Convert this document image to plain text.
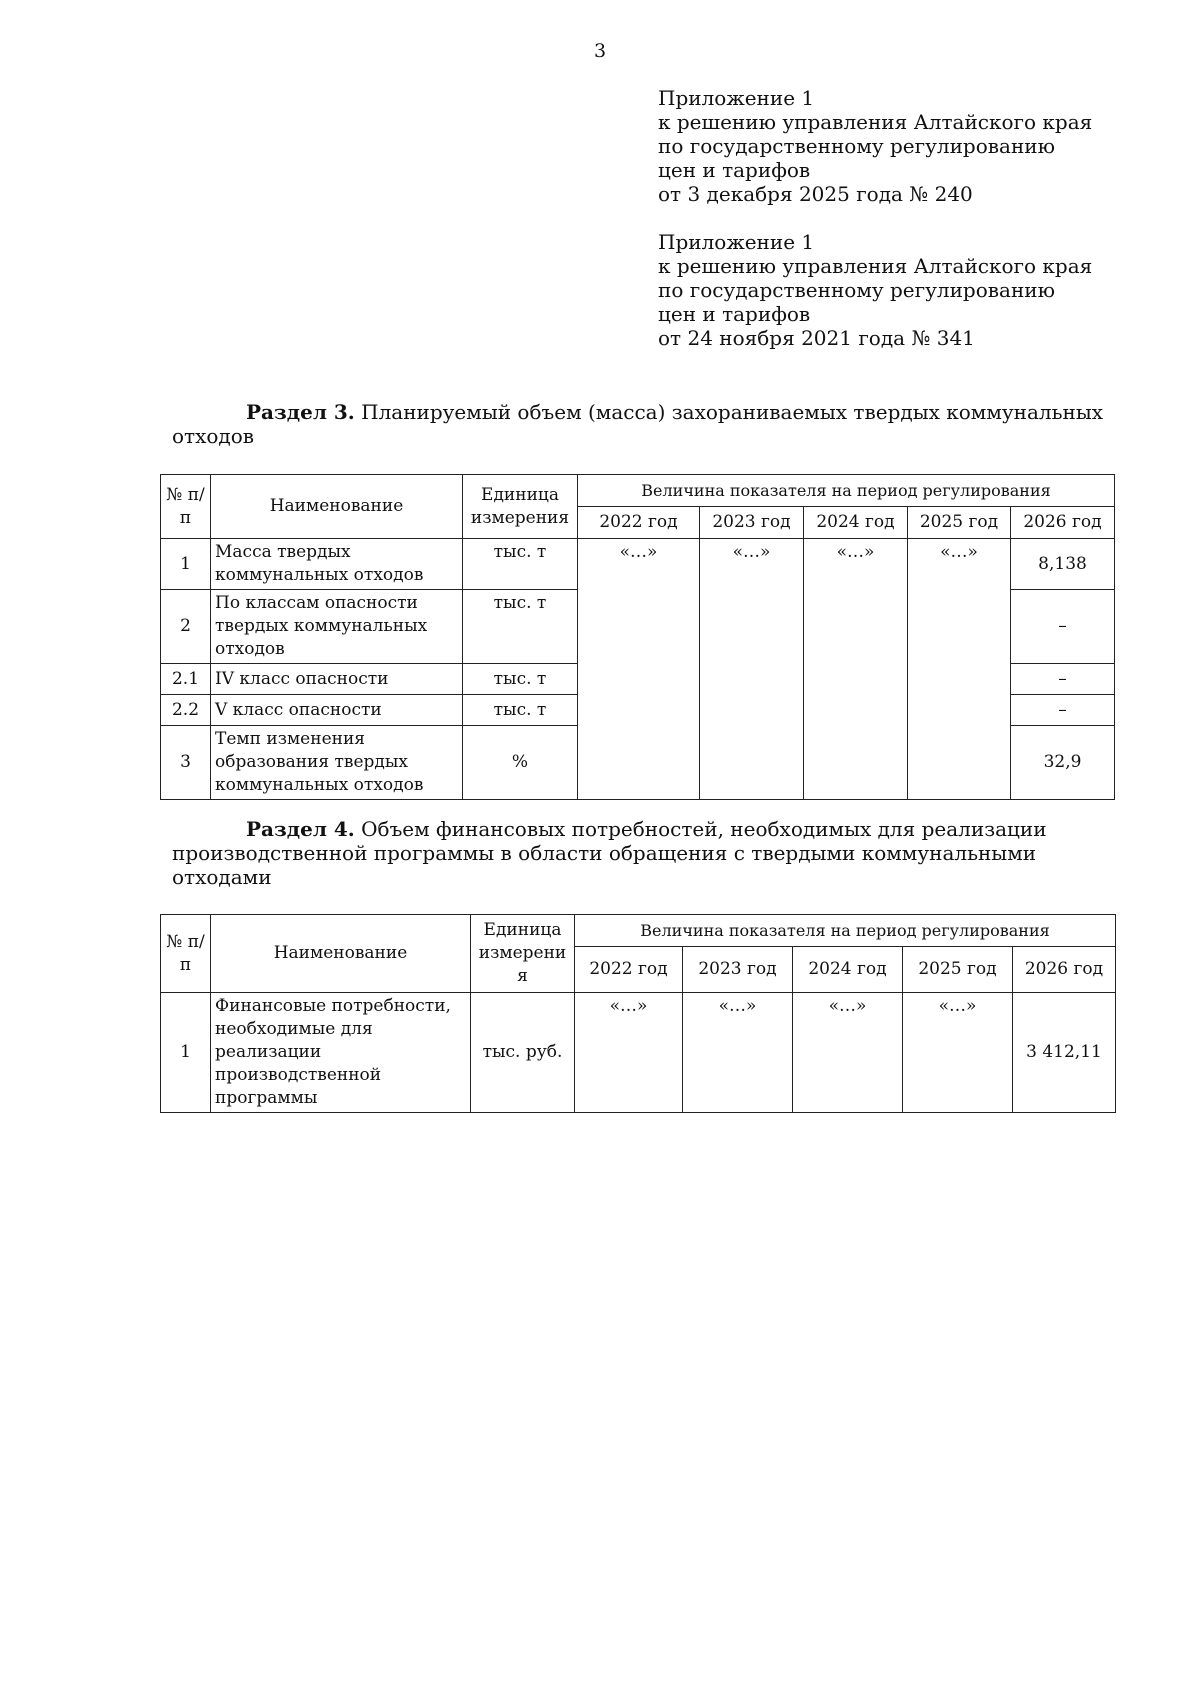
3
Приложение 1
к решению управления Алтайского края
по государственному регулированию
цен и тарифов
от 3 декабря 2025 года № 240
Приложение 1
к решению управления Алтайского края
по государственному регулированию
цен и тарифов
от 24 ноября 2021 года № 341
Раздел 3. Планируемый объем (масса) захораниваемых твердых коммунальных
отходов
№ п/п	Наименование	Единица измерения	Величина показателя на период регулирования				
			2022 год	2023 год	2024 год	2025 год	2026 год
1	Масса твердых коммунальных отходов	тыс. т	«…»	«…»	«…»	«…»	8,138
2	По классам опасности твердых коммунальных отходов	тыс. т					–
2.1	IV класс опасности	тыс. т					–
2.2	V класс опасности	тыс. т					–
3	Темп изменения образования твердых коммунальных отходов	%					32,9
Раздел 4. Объем финансовых потребностей, необходимых для реализации
производственной программы в области обращения с твердыми коммунальными
отходами
№ п/ п	Наименование	Единица измерени я	Величина показателя на период регулирования				
			2022 год	2023 год	2024 год	2025 год	2026 год
1	Финансовые потребности, необходимые для реализации производственной программы	тыс. руб.	«…»	«…»	«…»	«…»	3 412,11
